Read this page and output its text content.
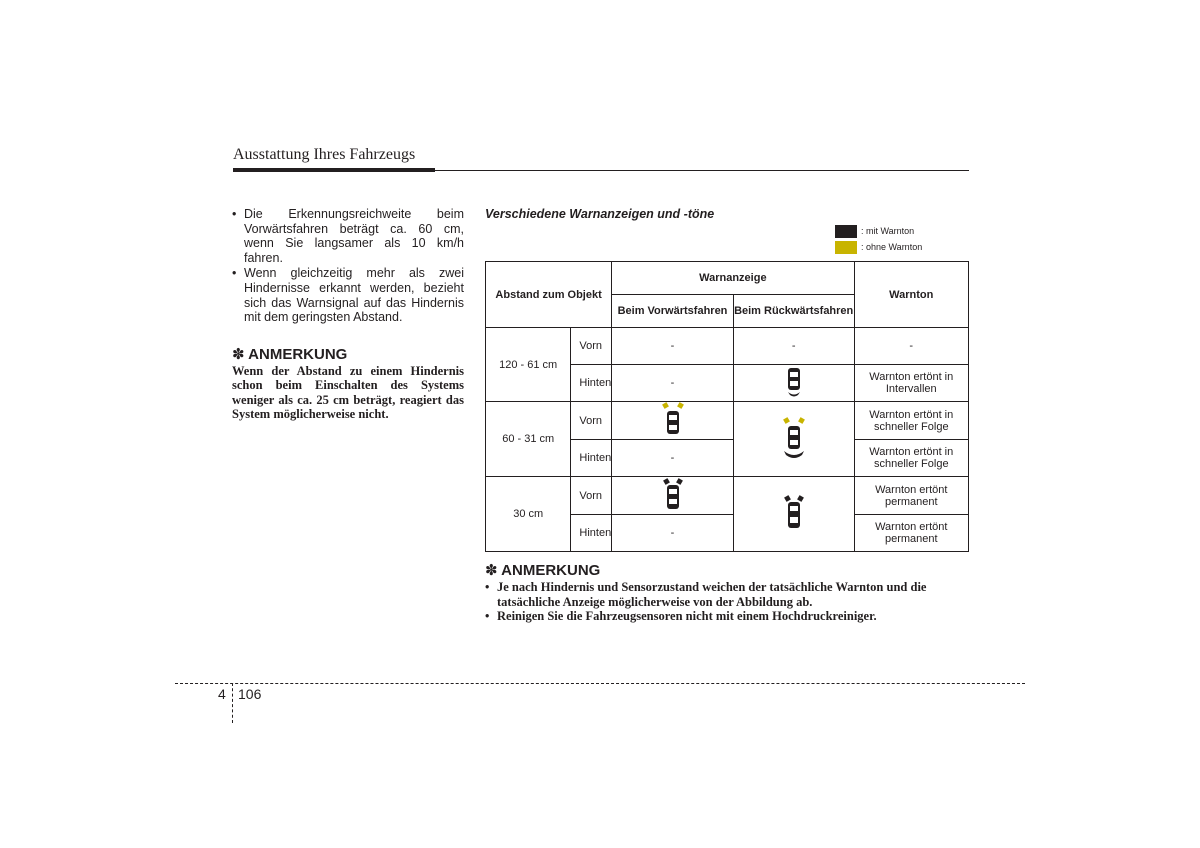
Ausstattung Ihres Fahrzeugs
• Die Erkennungsreichweite beim Vorwärtsfahren beträgt ca. 60 cm, wenn Sie langsamer als 10 km/h fahren.
• Wenn gleichzeitig mehr als zwei Hindernisse erkannt werden, bezieht sich das Warnsignal auf das Hindernis mit dem geringsten Abstand.
✽ ANMERKUNG
Wenn der Abstand zu einem Hindernis schon beim Einschalten des Systems weniger als ca. 25 cm beträgt, reagiert das System möglicherweise nicht.
Verschiedene Warnanzeigen und -töne
: mit Warnton
: ohne Warnton
Abstand zum Objekt		Warnanzeige		Warnton
		Beim Vorwärtsfahren	Beim Rückwärtsfahren	
120 - 61 cm	Vorn	-	-	-
	Hinten	-		Warnton ertönt in Intervallen
60 - 31 cm	Vorn			Warnton ertönt in schneller Folge
	Hinten	-		Warnton ertönt in schneller Folge
30 cm	Vorn			Warnton ertönt permanent
	Hinten	-		Warnton ertönt permanent
✽ ANMERKUNG
• Je nach Hindernis und Sensorzustand weichen der tatsächliche Warnton und die tatsächliche Anzeige möglicherweise von der Abbildung ab.
• Reinigen Sie die Fahrzeugsensoren nicht mit einem Hochdruckreiniger.
4 106
